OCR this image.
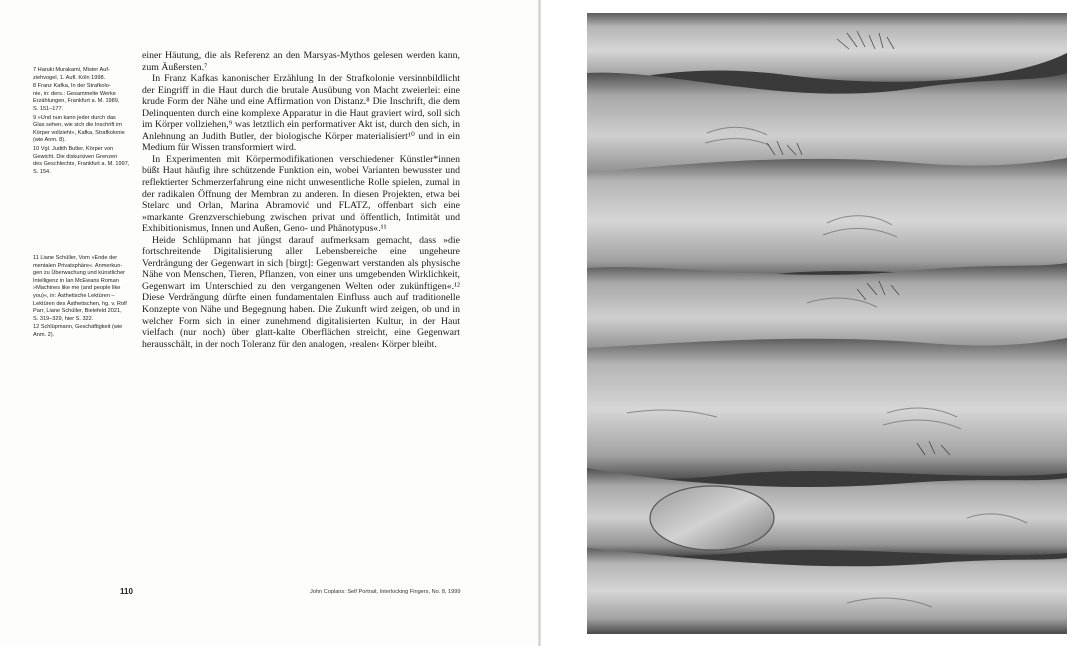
7 Haruki Murakami, Mister Auf-
ziehvogel, 1. Aufl. Köln 1998.
8 Franz Kafka, In der Strafkolo-
nie, in: ders.: Gesammelte Werke
Erzählungen, Frankfurt a. M. 1989,
S. 151–177.
9 »Und nun kann jeder durch das
Glas sehen, wie sich die Inschrift im
Körper vollzieht«, Kafka, Strafkolonie
(wie Anm. 8).
10 Vgl. Judith Butler, Körper von
Gewicht. Die diskursiven Grenzen
des Geschlechts, Frankfurt a. M. 1997,
S. 154.
11 Liane Schüller, Vom »Ende der
mentalen Privatsphäre«. Anmerkun-
gen zu Überwachung und künstlicher
Intelligenz in Ian McEwans Roman
»Machines like me (and people like
you)«, in: Ästhetische Lektüren –
Lektüren des Ästhetischen, hg. v. Rolf
Parr, Liane Schüller, Bielefeld 2021,
S. 319–329, hier S. 322.
12 Schlüpmann, Geschäftigkeit (wie
Anm. 2).

einer Häutung, die als Referenz an den Marsyas-Mythos gelesen werden kann, zum Äußersten.⁷

In Franz Kafkas kanonischer Erzählung In der Strafkolonie versinnbildlicht der Eingriff in die Haut durch die brutale Ausübung von Macht zweierlei: eine krude Form der Nähe und eine Affirmation von Distanz.⁸ Die Inschrift, die dem Delinquenten durch eine komplexe Apparatur in die Haut graviert wird, soll sich im Körper vollziehen,⁹ was letztlich ein performativer Akt ist, durch den sich, in Anlehnung an Judith Butler, der biologische Körper materialisiert¹⁰ und in ein Medium für Wissen transformiert wird.

In Experimenten mit Körpermodifikationen verschiedener Künstler*innen büßt Haut häufig ihre schützende Funktion ein, wobei Varianten bewusster und reflektierter Schmerzerfahrung eine nicht unwesentliche Rolle spielen, zumal in der radikalen Öffnung der Membran zu anderen. In diesen Projekten, etwa bei Stelarc und Orlan, Marina Abramović und FLATZ, offenbart sich eine »markante Grenzverschiebung zwischen privat und öffentlich, Intimität und Exhibitionismus, Innen und Außen, Geno- und Phänotypus«.¹¹

Heide Schlüpmann hat jüngst darauf aufmerksam gemacht, dass »die fortschreitende Digitalisierung aller Lebensbereiche eine ungeheure Verdrängung der Gegenwart in sich [birgt]: Gegenwart verstanden als physische Nähe von Menschen, Tieren, Pflanzen, von einer uns umgebenden Wirklichkeit, Gegenwart im Unterschied zu den vergangenen Welten oder zukünftigen«.¹² Diese Verdrängung dürfte einen fundamentalen Einfluss auch auf traditionelle Konzepte von Nähe und Begegnung haben. Die Zukunft wird zeigen, ob und in welcher Form sich in einer zunehmend digitalisierten Kultur, in der Haut vielfach (nur noch) über glatt-kalte Oberflächen streicht, eine Gegenwart herausschält, in der noch Toleranz für den analogen, ›realen‹ Körper bleibt.

110	John Coplans: Self Portrait, Interlocking Fingers, No. 8, 1999
